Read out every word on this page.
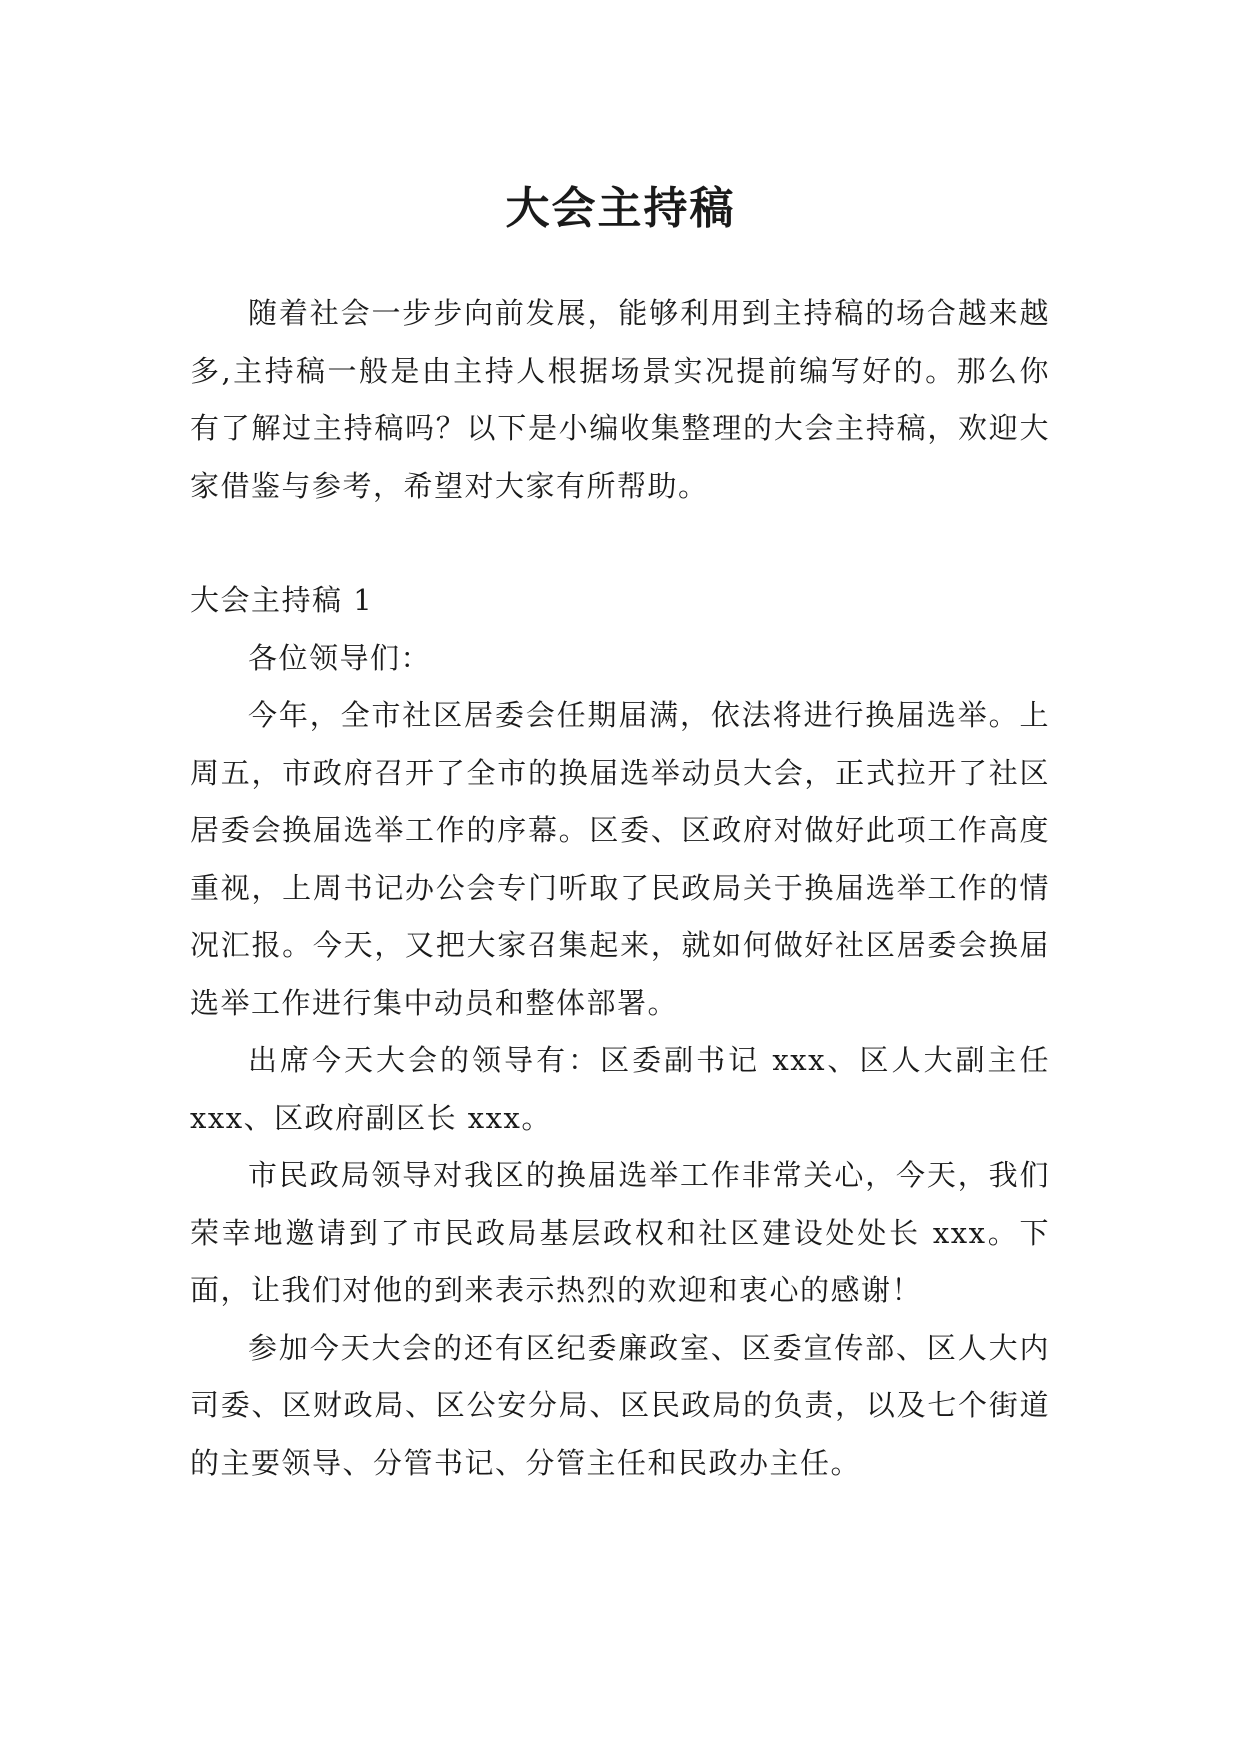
大会主持稿

随着社会一步步向前发展，能够利用到主持稿的场合越来越多,主持稿一般是由主持人根据场景实况提前编写好的。那么你有了解过主持稿吗？以下是小编收集整理的大会主持稿，欢迎大家借鉴与参考，希望对大家有所帮助。

大会主持稿 1

各位领导们：

今年，全市社区居委会任期届满，依法将进行换届选举。上周五，市政府召开了全市的换届选举动员大会，正式拉开了社区居委会换届选举工作的序幕。区委、区政府对做好此项工作高度重视，上周书记办公会专门听取了民政局关于换届选举工作的情况汇报。今天，又把大家召集起来，就如何做好社区居委会换届选举工作进行集中动员和整体部署。

出席今天大会的领导有：区委副书记 xxx、区人大副主任 xxx、区政府副区长 xxx。

市民政局领导对我区的换届选举工作非常关心，今天，我们荣幸地邀请到了市民政局基层政权和社区建设处处长 xxx。下面，让我们对他的到来表示热烈的欢迎和衷心的感谢！

参加今天大会的还有区纪委廉政室、区委宣传部、区人大内司委、区财政局、区公安分局、区民政局的负责，以及七个街道的主要领导、分管书记、分管主任和民政办主任。
